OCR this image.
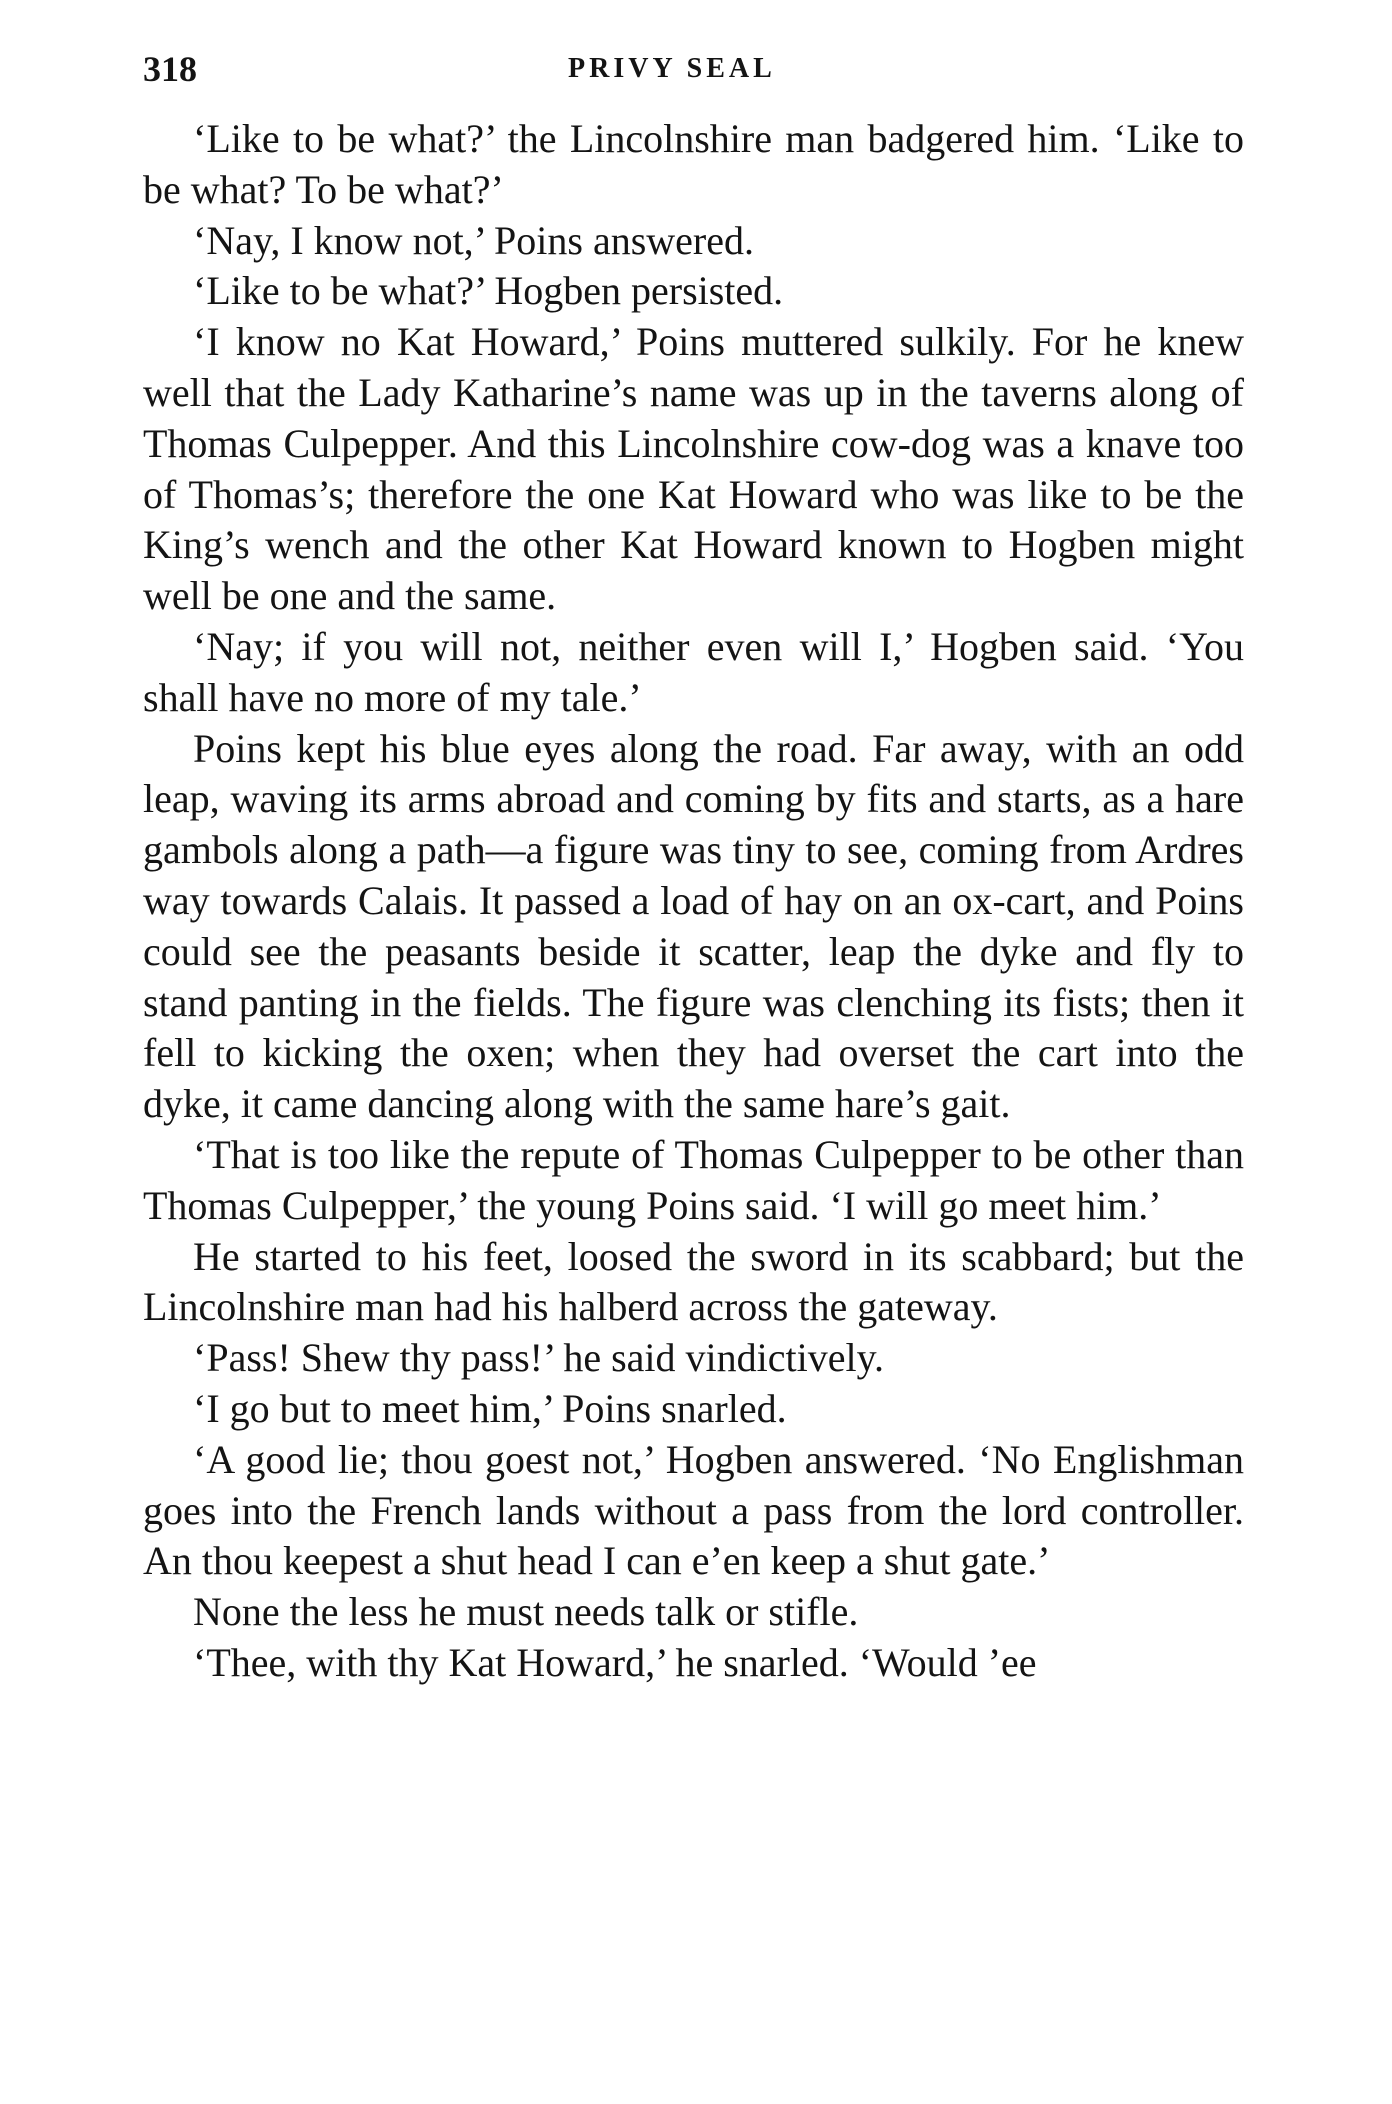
318	PRIVY SEAL

‘Like to be what?’ the Lincolnshire man badgered him. ‘Like to be what? To be what?’

‘Nay, I know not,’ Poins answered.

‘Like to be what?’ Hogben persisted.

‘I know no Kat Howard,’ Poins muttered sulkily. For he knew well that the Lady Katharine’s name was up in the taverns along of Thomas Culpepper. And this Lincolnshire cow-dog was a knave too of Thomas’s; therefore the one Kat Howard who was like to be the King’s wench and the other Kat Howard known to Hogben might well be one and the same.

‘Nay; if you will not, neither even will I,’ Hogben said. ‘You shall have no more of my tale.’

Poins kept his blue eyes along the road. Far away, with an odd leap, waving its arms abroad and coming by fits and starts, as a hare gambols along a path—a figure was tiny to see, coming from Ardres way towards Calais. It passed a load of hay on an ox-cart, and Poins could see the peasants beside it scatter, leap the dyke and fly to stand panting in the fields. The figure was clenching its fists; then it fell to kicking the oxen; when they had overset the cart into the dyke, it came dancing along with the same hare’s gait.

‘That is too like the repute of Thomas Culpepper to be other than Thomas Culpepper,’ the young Poins said. ‘I will go meet him.’

He started to his feet, loosed the sword in its scabbard; but the Lincolnshire man had his halberd across the gateway.

‘Pass! Shew thy pass!’ he said vindictively.

‘I go but to meet him,’ Poins snarled.

‘A good lie; thou goest not,’ Hogben answered. ‘No Englishman goes into the French lands without a pass from the lord controller. An thou keepest a shut head I can e’en keep a shut gate.’

None the less he must needs talk or stifle.

‘Thee, with thy Kat Howard,’ he snarled. ‘Would ’ee
